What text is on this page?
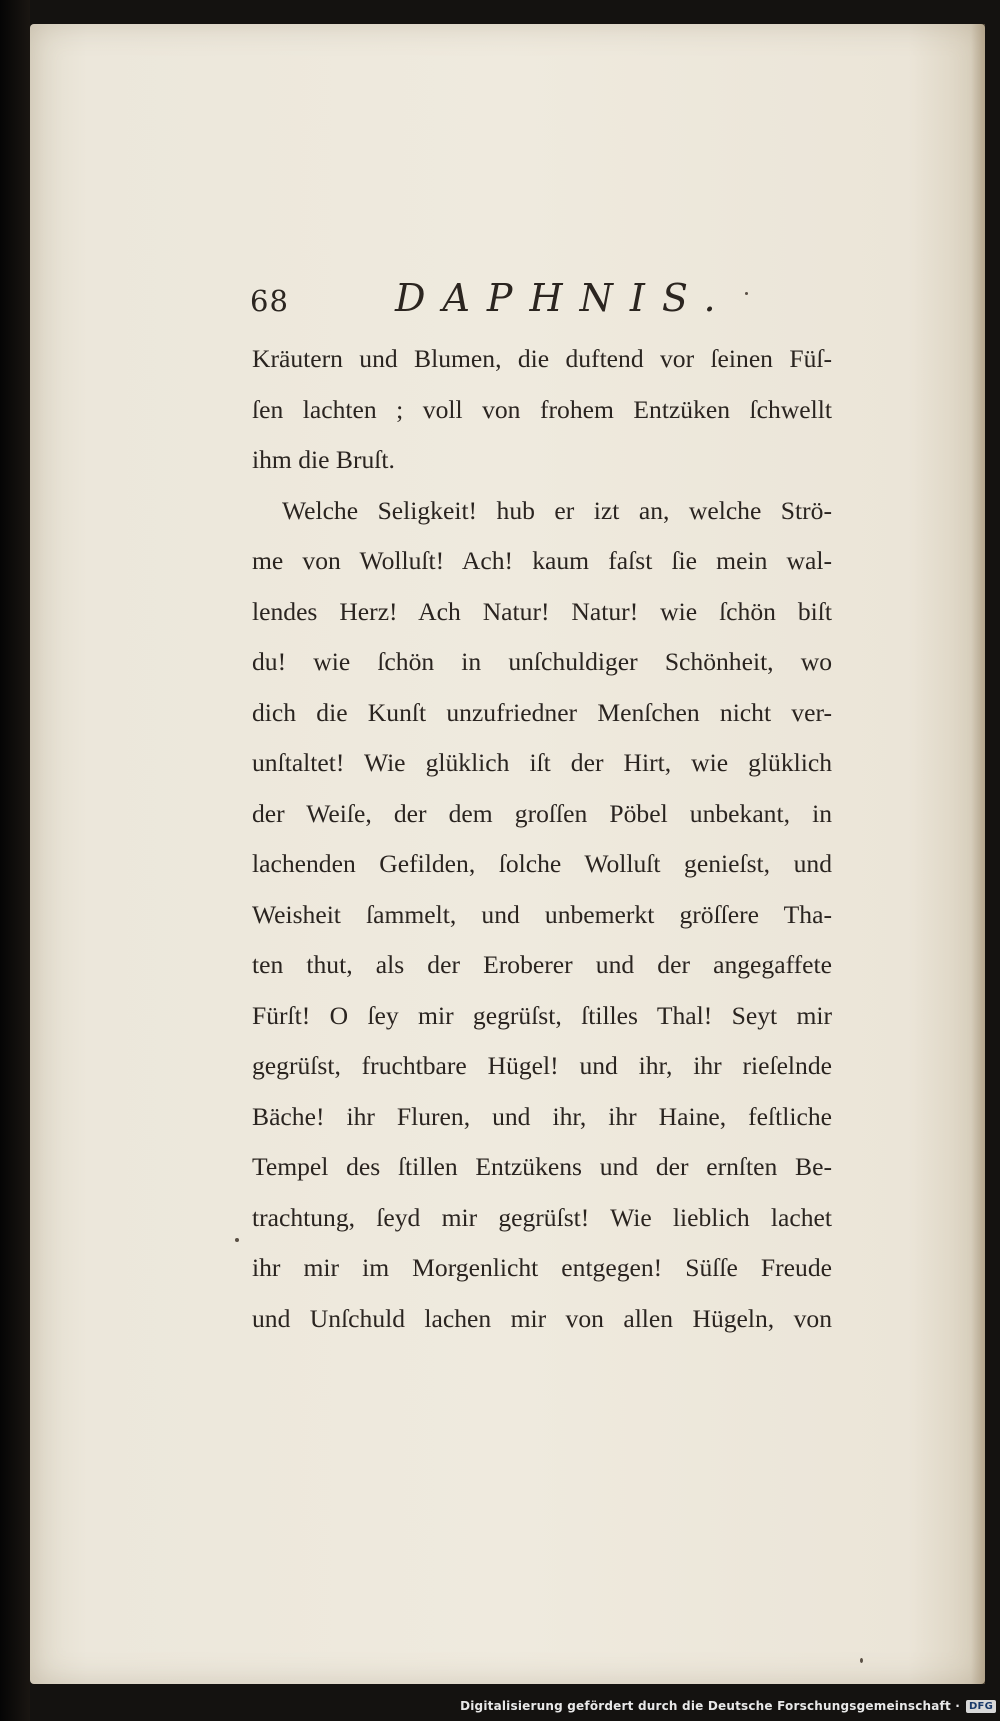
68	DAPHNIS.
Kräutern und Blumen, die duftend vor ſeinen Füſ-
ſen lachten ; voll von frohem Entzüken ſchwellt
ihm die Bruſt.
Welche Seligkeit! hub er izt an, welche Strö-
me von Wolluſt! Ach! kaum faſst ſie mein wal-
lendes Herz! Ach Natur! Natur! wie ſchön biſt
du! wie ſchön in unſchuldiger Schönheit, wo
dich die Kunſt unzufriedner Menſchen nicht ver-
unſtaltet! Wie glüklich iſt der Hirt, wie glüklich
der Weiſe, der dem groſſen Pöbel unbekant, in
lachenden Gefilden, ſolche Wolluſt genieſst, und
Weisheit ſammelt, und unbemerkt gröſſere Tha-
ten thut, als der Eroberer und der angegaffete
Fürſt! O ſey mir gegrüſst, ſtilles Thal! Seyt mir
gegrüſst, fruchtbare Hügel! und ihr, ihr rieſelnde
Bäche! ihr Fluren, und ihr, ihr Haine, feſtliche
Tempel des ſtillen Entzükens und der ernſten Be-
trachtung, ſeyd mir gegrüſst! Wie lieblich lachet
ihr mir im Morgenlicht entgegen! Süſſe Freude
und Unſchuld lachen mir von allen Hügeln, von
Digitalisierung gefördert durch die Deutsche Forschungsgemeinschaft · DFG
